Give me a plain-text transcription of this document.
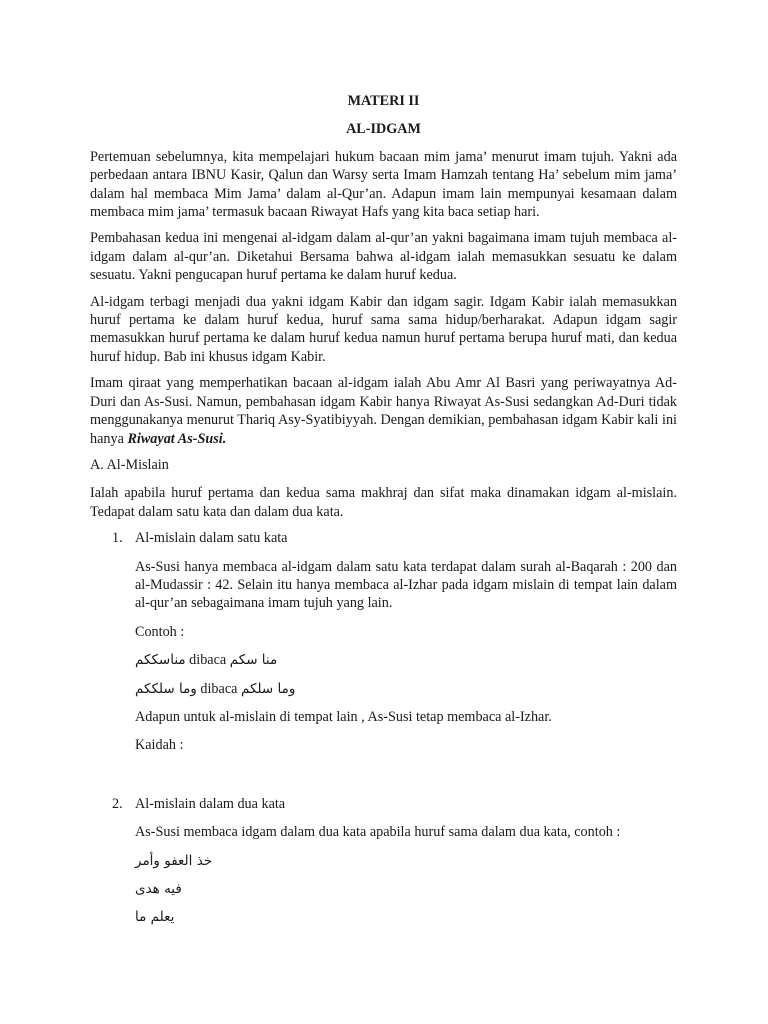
MATERI II
AL-IDGAM

Pertemuan sebelumnya, kita mempelajari hukum bacaan mim jama’ menurut imam tujuh. Yakni ada perbedaan antara IBNU Kasir, Qalun dan Warsy serta Imam Hamzah tentang Ha’ sebelum mim jama’ dalam hal membaca Mim Jama’ dalam al-Qur’an. Adapun imam lain mempunyai kesamaan dalam membaca mim jama’ termasuk bacaan Riwayat Hafs yang kita baca setiap hari.

Pembahasan kedua ini mengenai al-idgam dalam al-qur’an yakni bagaimana imam tujuh membaca al-idgam dalam al-qur’an. Diketahui Bersama bahwa al-idgam ialah memasukkan sesuatu ke dalam sesuatu. Yakni pengucapan huruf pertama ke dalam huruf kedua.

Al-idgam terbagi menjadi dua yakni idgam Kabir dan idgam sagir. Idgam Kabir ialah memasukkan huruf pertama ke dalam huruf kedua, huruf sama sama hidup/berharakat. Adapun idgam sagir memasukkan huruf pertama ke dalam huruf kedua namun huruf pertama berupa huruf mati, dan kedua huruf hidup. Bab ini khusus idgam Kabir.

Imam qiraat yang memperhatikan bacaan al-idgam ialah Abu Amr Al Basri yang periwayatnya Ad-Duri dan As-Susi. Namun, pembahasan idgam Kabir hanya Riwayat As-Susi sedangkan Ad-Duri tidak menggunakanya menurut Thariq Asy-Syatibiyyah. Dengan demikian, pembahasan idgam Kabir kali ini hanya Riwayat As-Susi.

A. Al-Mislain

Ialah apabila huruf pertama dan kedua sama makhraj dan sifat maka dinamakan idgam al-mislain. Tedapat dalam satu kata dan dalam dua kata.

1. Al-mislain dalam satu kata
As-Susi hanya membaca al-idgam dalam satu kata terdapat dalam surah al-Baqarah : 200 dan al-Mudassir : 42. Selain itu hanya membaca al-Izhar pada idgam mislain di tempat lain dalam al-qur’an sebagaimana imam tujuh yang lain.
Contoh :
مناسككم dibaca منا سكم
وما سلككم dibaca وما سلكم
Adapun untuk al-mislain di tempat lain , As-Susi tetap membaca al-Izhar.
Kaidah :
2. Al-mislain dalam dua kata
As-Susi membaca idgam dalam dua kata apabila huruf sama dalam dua kata, contoh :
خذ العفو وأمر
فيه هدى
يعلم ما
